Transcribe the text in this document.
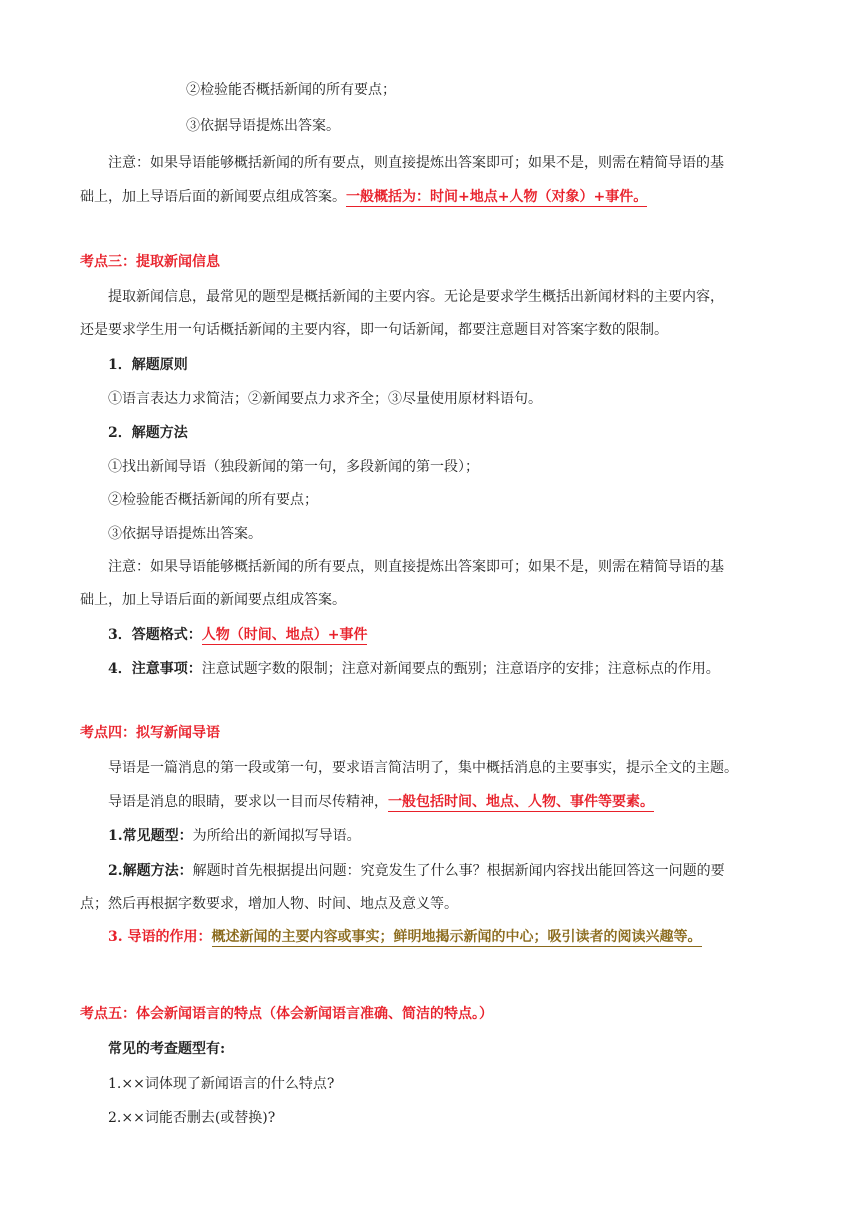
②检验能否概括新闻的所有要点；
③依据导语提炼出答案。
注意：如果导语能够概括新闻的所有要点，则直接提炼出答案即可；如果不是，则需在精简导语的基
础上，加上导语后面的新闻要点组成答案。一般概括为：时间+地点+人物（对象）+事件。
考点三：提取新闻信息
提取新闻信息，最常见的题型是概括新闻的主要内容。无论是要求学生概括出新闻材料的主要内容，
还是要求学生用一句话概括新闻的主要内容，即一句话新闻，都要注意题目对答案字数的限制。
1．解题原则
①语言表达力求简洁；②新闻要点力求齐全；③尽量使用原材料语句。
2．解题方法
①找出新闻导语（独段新闻的第一句，多段新闻的第一段）；
②检验能否概括新闻的所有要点；
③依据导语提炼出答案。
注意：如果导语能够概括新闻的所有要点，则直接提炼出答案即可；如果不是，则需在精简导语的基
础上，加上导语后面的新闻要点组成答案。
3．答题格式：人物（时间、地点）+事件
4．注意事项：注意试题字数的限制；注意对新闻要点的甄别；注意语序的安排；注意标点的作用。
考点四：拟写新闻导语
导语是一篇消息的第一段或第一句，要求语言简洁明了，集中概括消息的主要事实，提示全文的主题。
导语是消息的眼睛，要求以一目而尽传精神，一般包括时间、地点、人物、事件等要素。
1.常见题型：为所给出的新闻拟写导语。
2.解题方法：解题时首先根据提出问题：究竟发生了什么事？根据新闻内容找出能回答这一问题的要
点；然后再根据字数要求，增加人物、时间、地点及意义等。
3. 导语的作用：概述新闻的主要内容或事实；鲜明地揭示新闻的中心；吸引读者的阅读兴趣等。
考点五：体会新闻语言的特点（体会新闻语言准确、简洁的特点。）
常见的考查题型有:
1.××词体现了新闻语言的什么特点?
2.××词能否删去(或替换)?
